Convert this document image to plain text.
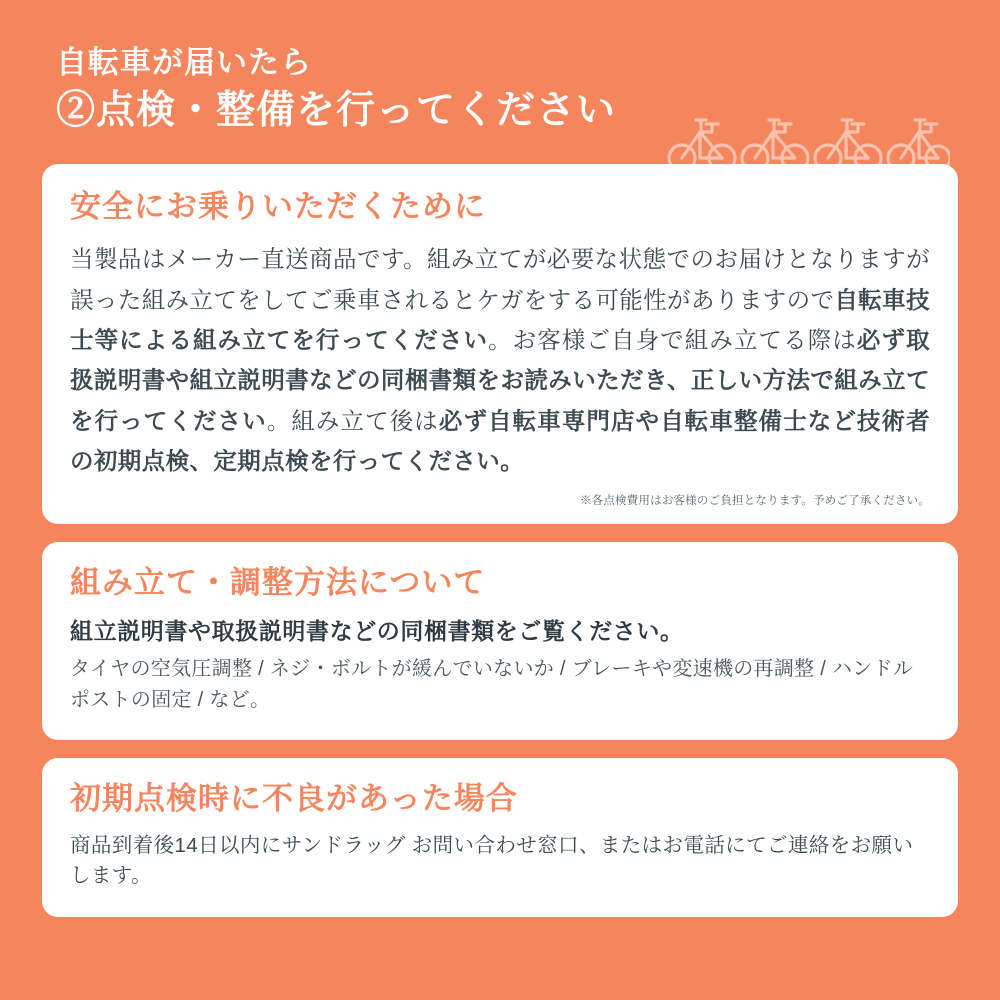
自転車が届いたら
②点検・整備を行ってください
安全にお乗りいただくために

当製品はメーカー直送商品です。組み立てが必要な状態でのお届けとなりますが誤った組み立てをしてご乗車されるとケガをする可能性がありますので自転車技士等による組み立てを行ってください。お客様ご自身で組み立てる際は必ず取扱説明書や組立説明書などの同梱書類をお読みいただき、正しい方法で組み立てを行ってください。組み立て後は必ず自転車専門店や自転車整備士など技術者の初期点検、定期点検を行ってください。

※各点検費用はお客様のご負担となります。予めご了承ください。
組み立て・調整方法について

組立説明書や取扱説明書などの同梱書類をご覧ください。

タイヤの空気圧調整 / ネジ・ボルトが緩んでいないか / ブレーキや変速機の再調整 / ハンドルポストの固定 / など。

初期点検時に不良があった場合

商品到着後14日以内にサンドラッグ お問い合わせ窓口、またはお電話にてご連絡をお願いします。
